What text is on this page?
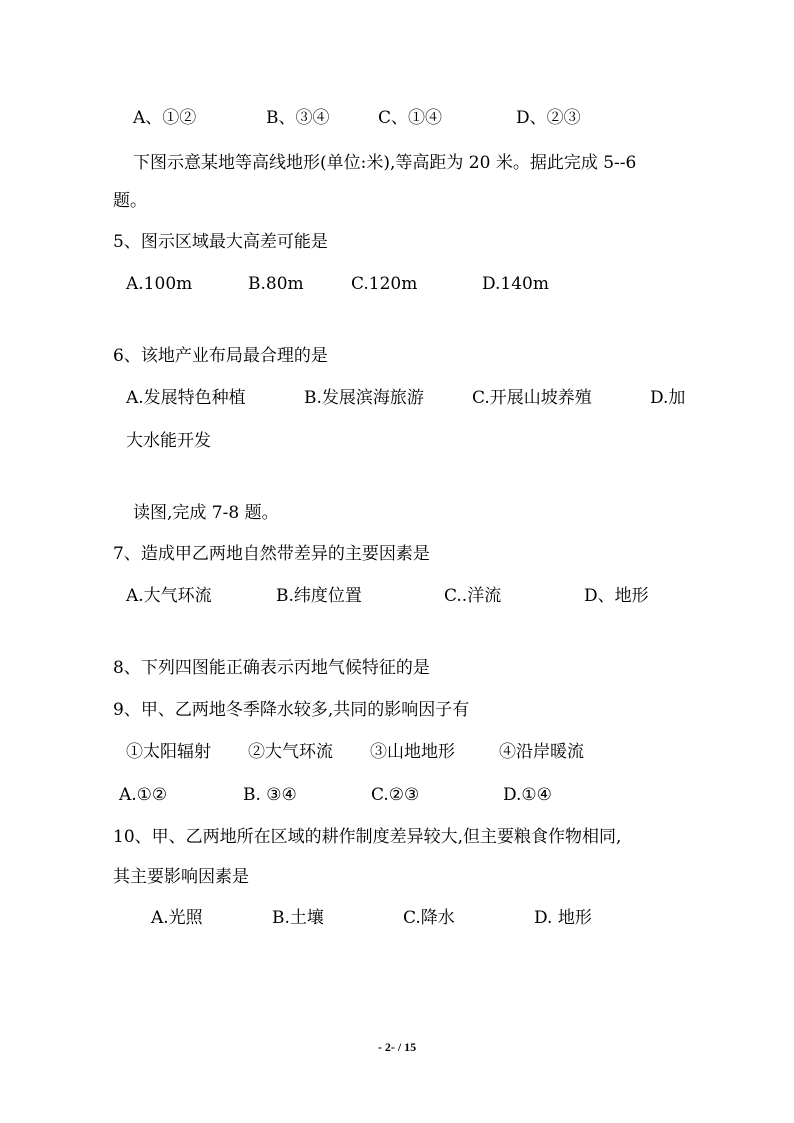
A、①②	B、③④	C、①④	D、②③
下图示意某地等高线地形(单位:米),等高距为 20 米。据此完成 5--6
题。
5、图示区域最大高差可能是
A.100m	B.80m	C.120m	D.140m
6、该地产业布局最合理的是
A.发展特色种植	B.发展滨海旅游	C.开展山坡养殖	D.加
大水能开发
读图,完成 7-8 题。
7、造成甲乙两地自然带差异的主要因素是
A.大气环流	B.纬度位置	C..洋流	D、地形
8、下列四图能正确表示丙地气候特征的是
9、甲、乙两地冬季降水较多,共同的影响因子有
①太阳辐射 ②大气环流 ③山地地形	④沿岸暖流
A.①②	B. ③④	C.②③	D.①④
10、甲、乙两地所在区域的耕作制度差异较大,但主要粮食作物相同,
其主要影响因素是
A.光照	B.土壤	C.降水	D. 地形
- 2- / 15
